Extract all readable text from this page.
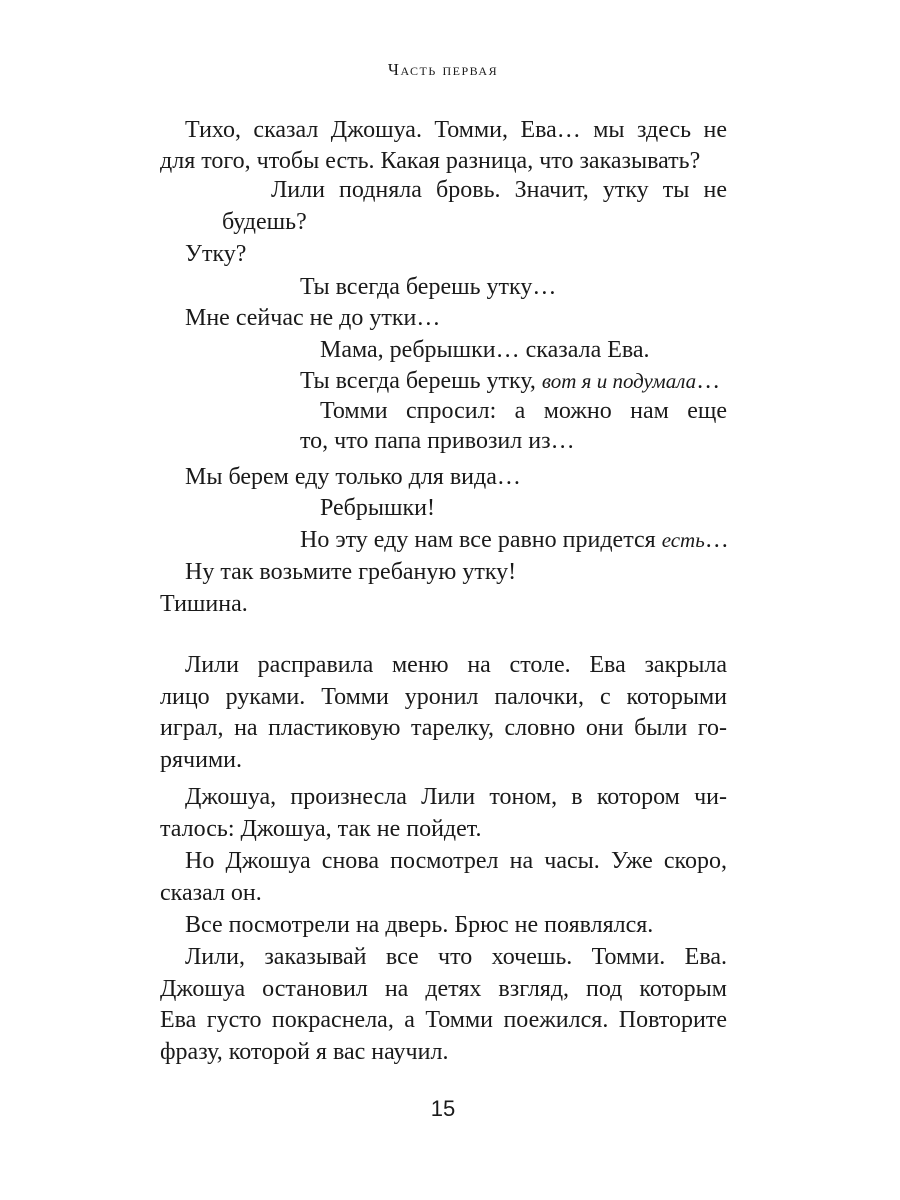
Часть первая
Тихо, сказал Джошуа. Томми, Ева… мы здесь не
для того, чтобы есть. Какая разница, что заказывать?
Лили подняла бровь. Значит, утку ты не
будешь?
Утку?
Ты всегда берешь утку…
Мне сейчас не до утки…
Мама, ребрышки… сказала Ева.
Ты всегда берешь утку, вот я и подумала…
Томми спросил: а можно нам еще
то, что папа привозил из…
Мы берем еду только для вида…
Ребрышки!
Но эту еду нам все равно придется есть…
Ну так возьмите гребаную утку!
Тишина.
Лили расправила меню на столе. Ева закрыла
лицо руками. Томми уронил палочки, с которыми
играл, на пластиковую тарелку, словно они были го-
рячими.
Джошуа, произнесла Лили тоном, в котором чи-
талось: Джошуа, так не пойдет.
Но Джошуа снова посмотрел на часы. Уже скоро,
сказал он.
Все посмотрели на дверь. Брюс не появлялся.
Лили, заказывай все что хочешь. Томми. Ева.
Джошуа остановил на детях взгляд, под которым
Ева густо покраснела, а Томми поежился. Повторите
фразу, которой я вас научил.
15
